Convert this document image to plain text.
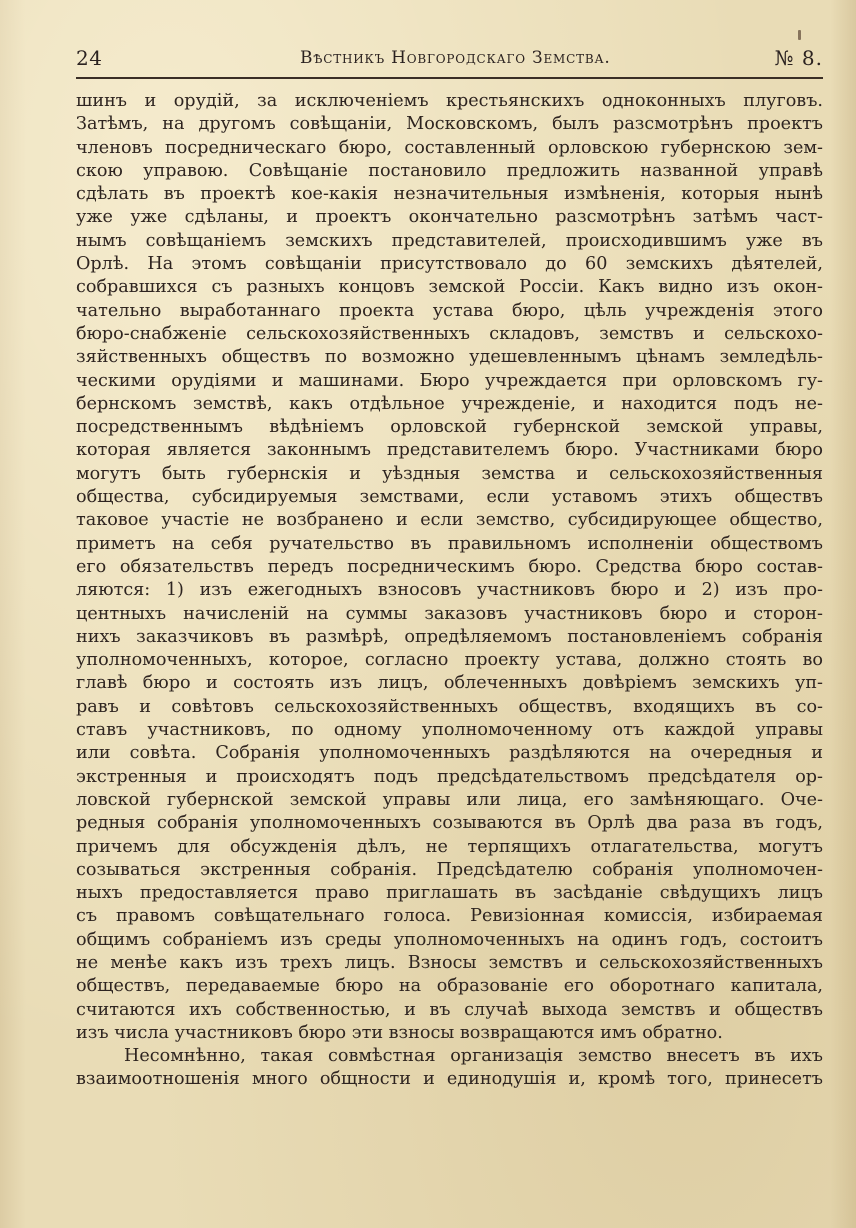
24	Вѣстникъ Новгородскаго Земства.	№ 8.
шинъ и орудій, за исключеніемъ крестьянскихъ одноконныхъ плуговъ.
Затѣмъ, на другомъ совѣщаніи, Московскомъ, былъ разсмотрѣнъ проектъ
членовъ посредническаго бюро, составленный орловскою губернскою зем-
скою управою. Совѣщаніе постановило предложить названной управѣ
сдѣлать въ проектѣ кое-какія незначительныя измѣненія, которыя нынѣ
уже уже сдѣланы, и проектъ окончательно разсмотрѣнъ затѣмъ част-
нымъ совѣщаніемъ земскихъ представителей, происходившимъ уже въ
Орлѣ. На этомъ совѣщаніи присутствовало до 60 земскихъ дѣятелей,
собравшихся съ разныхъ концовъ земской Россіи. Какъ видно изъ окон-
чательно выработаннаго проекта устава бюро, цѣль учрежденія этого
бюро-снабженіе сельскохозяйственныхъ складовъ, земствъ и сельскохо-
зяйственныхъ обществъ по возможно удешевленнымъ цѣнамъ земледѣль-
ческими орудіями и машинами. Бюро учреждается при орловскомъ гу-
бернскомъ земствѣ, какъ отдѣльное учрежденіе, и находится подъ не-
посредственнымъ вѣдѣніемъ орловской губернской земской управы,
которая является законнымъ представителемъ бюро. Участниками бюро
могутъ быть губернскія и уѣздныя земства и сельскохозяйственныя
общества, субсидируемыя земствами, если уставомъ этихъ обществъ
таковое участіе не возбранено и если земство, субсидирующее общество,
приметъ на себя ручательство въ правильномъ исполненіи обществомъ
его обязательствъ передъ посредническимъ бюро. Средства бюро состав-
ляются: 1) изъ ежегодныхъ взносовъ участниковъ бюро и 2) изъ про-
центныхъ начисленій на суммы заказовъ участниковъ бюро и сторон-
нихъ заказчиковъ въ размѣрѣ, опредѣляемомъ постановленіемъ собранія
уполномоченныхъ, которое, согласно проекту устава, должно стоять во
главѣ бюро и состоять изъ лицъ, облеченныхъ довѣріемъ земскихъ уп-
равъ и совѣтовъ сельскохозяйственныхъ обществъ, входящихъ въ со-
ставъ участниковъ, по одному уполномоченному отъ каждой управы
или совѣта. Собранія уполномоченныхъ раздѣляются на очередныя и
экстренныя и происходятъ подъ предсѣдательствомъ предсѣдателя ор-
ловской губернской земской управы или лица, его замѣняющаго. Оче-
редныя собранія уполномоченныхъ созываются въ Орлѣ два раза въ годъ,
причемъ для обсужденія дѣлъ, не терпящихъ отлагательства, могутъ
созываться экстренныя собранія. Предсѣдателю собранія уполномочен-
ныхъ предоставляется право приглашать въ засѣданіе свѣдущихъ лицъ
съ правомъ совѣщательнаго голоса. Ревизіонная комиссія, избираемая
общимъ собраніемъ изъ среды уполномоченныхъ на одинъ годъ, состоитъ
не менѣе какъ изъ трехъ лицъ. Взносы земствъ и сельскохозяйственныхъ
обществъ, передаваемые бюро на образованіе его оборотнаго капитала,
считаются ихъ собственностью, и въ случаѣ выхода земствъ и обществъ
изъ числа участниковъ бюро эти взносы возвращаются имъ обратно.
Несомнѣнно, такая совмѣстная организація земство внесетъ въ ихъ
взаимоотношенія много общности и единодушія и, кромѣ того, принесетъ
